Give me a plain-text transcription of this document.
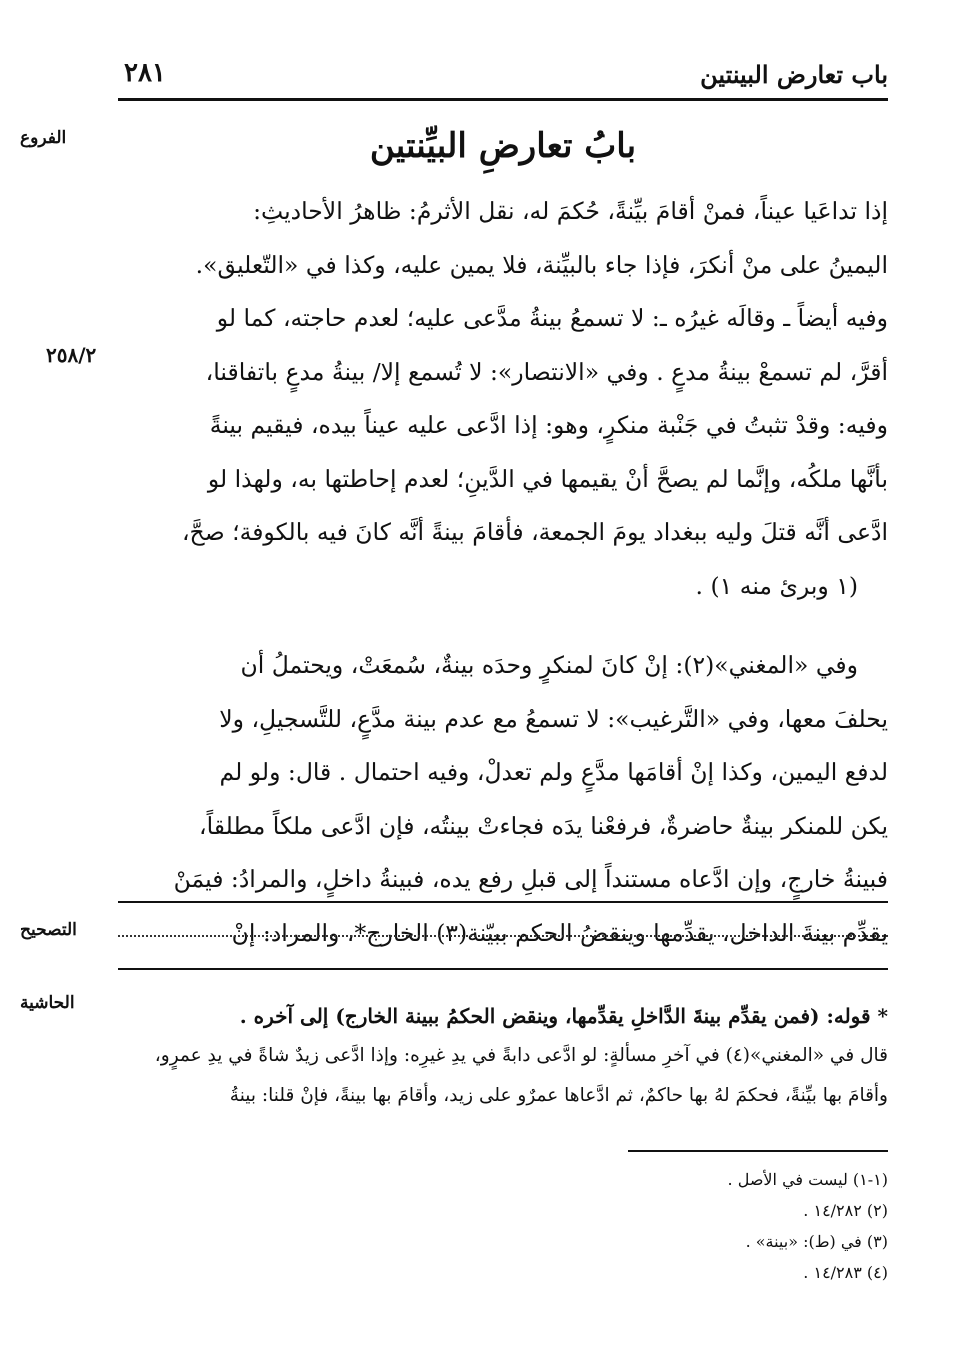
باب تعارض البينتين
٢٨١
الفروع
٢٥٨/٢
التصحيح
الحاشية
بابُ تعارضِ البيِّنتين
إذا تداعَيا عيناً، فمنْ أقامَ بيِّنةً، حُكمَ له، نقل الأثرمُ: ظاهرُ الأحاديثِ:
اليمينُ على منْ أنكرَ، فإذا جاء بالبيِّنة، فلا يمين عليه، وكذا في «التّعليق».
وفيه أيضاً ـ وقالَه غيرُه ـ: لا تسمعُ بينةُ مدَّعى عليه؛ لعدم حاجته، كما لو
أقرَّ، لم تسمعْ بينةُ مدعٍ . وفي «الانتصار»: لا تُسمع إلا/ بينةُ مدعٍ باتفاقنا،
وفيه: وقدْ تثبتُ في جَنْبة منكرٍ، وهو: إذا ادَّعى عليه عيناً بيده، فيقيم بينةً
بأنَّها ملكُه، وإنَّما لم يصحَّ أنْ يقيمها في الدَّينِ؛ لعدم إحاطتها به، ولهذا لو
ادَّعى أنَّه قتلَ وليه ببغداد يومَ الجمعة، فأقامَ بينةً أنَّه كانَ فيه بالكوفة؛ صحَّ،
(١ وبرئ منه ١) .
وفي «المغني»(٢): إنْ كانَ لمنكرٍ وحدَه بينةٌ، سُمعَتْ، ويحتملُ أن
يحلفَ معها، وفي «التَّرغيب»: لا تسمعُ مع عدم بينة مدَّعٍ، للتَّسجيلِ، ولا
لدفع اليمين، وكذا إنْ أقامَها مدَّعٍ ولم تعدلْ، وفيه احتمال . قال: ولو لم
يكن للمنكر بينةٌ حاضرةٌ، فرفعْنا يدَه فجاءتْ بينتُه، فإن ادَّعى ملكاً مطلقاً،
فبينةُ خارجٍ، وإن ادَّعاه مستنداً إلى قبلِ رفع يده، فبينةُ داخلٍ، والمرادُ: فيمَنْ
يقدِّم بينةَ الداخل، يقدِّمها وينقضُ الحكم ببيّنة(٣) الخارج*، والمراد: إنْ
* قوله: (فمن يقدِّم بينةَ الدَّاخلِ يقدِّمها، وينقض الحكمُ ببينة الخارج) إلى آخره .
قال في «المغني»(٤) في آخرِ مسألةٍ: لو ادَّعى دابةً في يدِ غيرِه: وإذا ادَّعى زيدٌ شاةً في يدِ عمرٍو،
وأقامَ بها بيِّنةً، فحكمَ لهُ بها حاكمٌ، ثم ادَّعاها عمرٌو على زيد، وأقامَ بها بينةً، فإنْ قلنا: بينةُ
(١-١) ليست في الأصل .
(٢) ١٤/٢٨٢ .
(٣) في (ط): «بينة» .
(٤) ١٤/٢٨٣ .
